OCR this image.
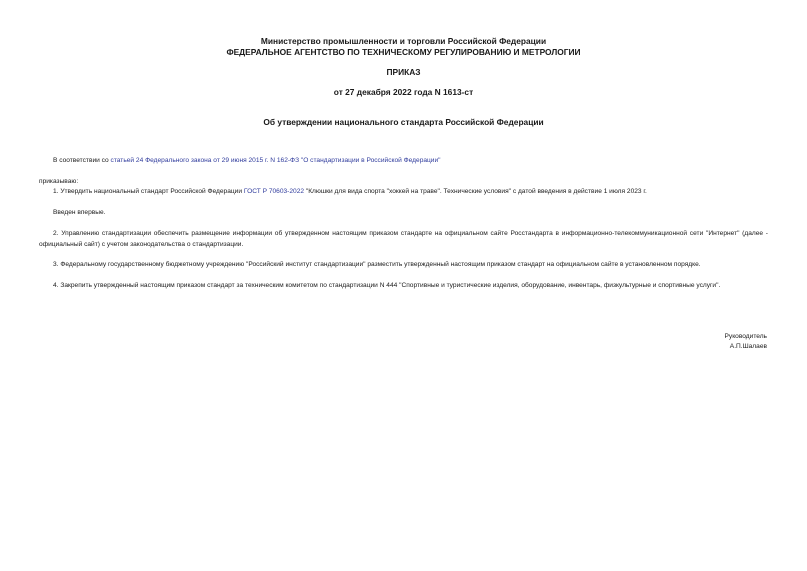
Министерство промышленности и торговли Российской Федерации
ФЕДЕРАЛЬНОЕ АГЕНТСТВО ПО ТЕХНИЧЕСКОМУ РЕГУЛИРОВАНИЮ И МЕТРОЛОГИИ
ПРИКАЗ
от 27 декабря 2022 года N 1613-ст
Об утверждении национального стандарта Российской Федерации
В соответствии со статьей 24 Федерального закона от 29 июня 2015 г. N 162-ФЗ "О стандартизации в Российской Федерации"
приказываю:
1. Утвердить национальный стандарт Российской Федерации ГОСТ Р 70603-2022 "Клюшки для вида спорта "хоккей на траве". Технические условия" с датой введения в действие 1 июля 2023 г.
Введен впервые.
2. Управлению стандартизации обеспечить размещение информации об утвержденном настоящим приказом стандарте на официальном сайте Росстандарта в информационно-телекоммуникационной сети "Интернет" (далее - официальный сайт) с учетом законодательства о стандартизации.
3. Федеральному государственному бюджетному учреждению "Российский институт стандартизации" разместить утвержденный настоящим приказом стандарт на официальном сайте в установленном порядке.
4. Закрепить утвержденный настоящим приказом стандарт за техническим комитетом по стандартизации N 444 "Спортивные и туристические изделия, оборудование, инвентарь, физкультурные и спортивные услуги".
Руководитель
А.П.Шалаев
